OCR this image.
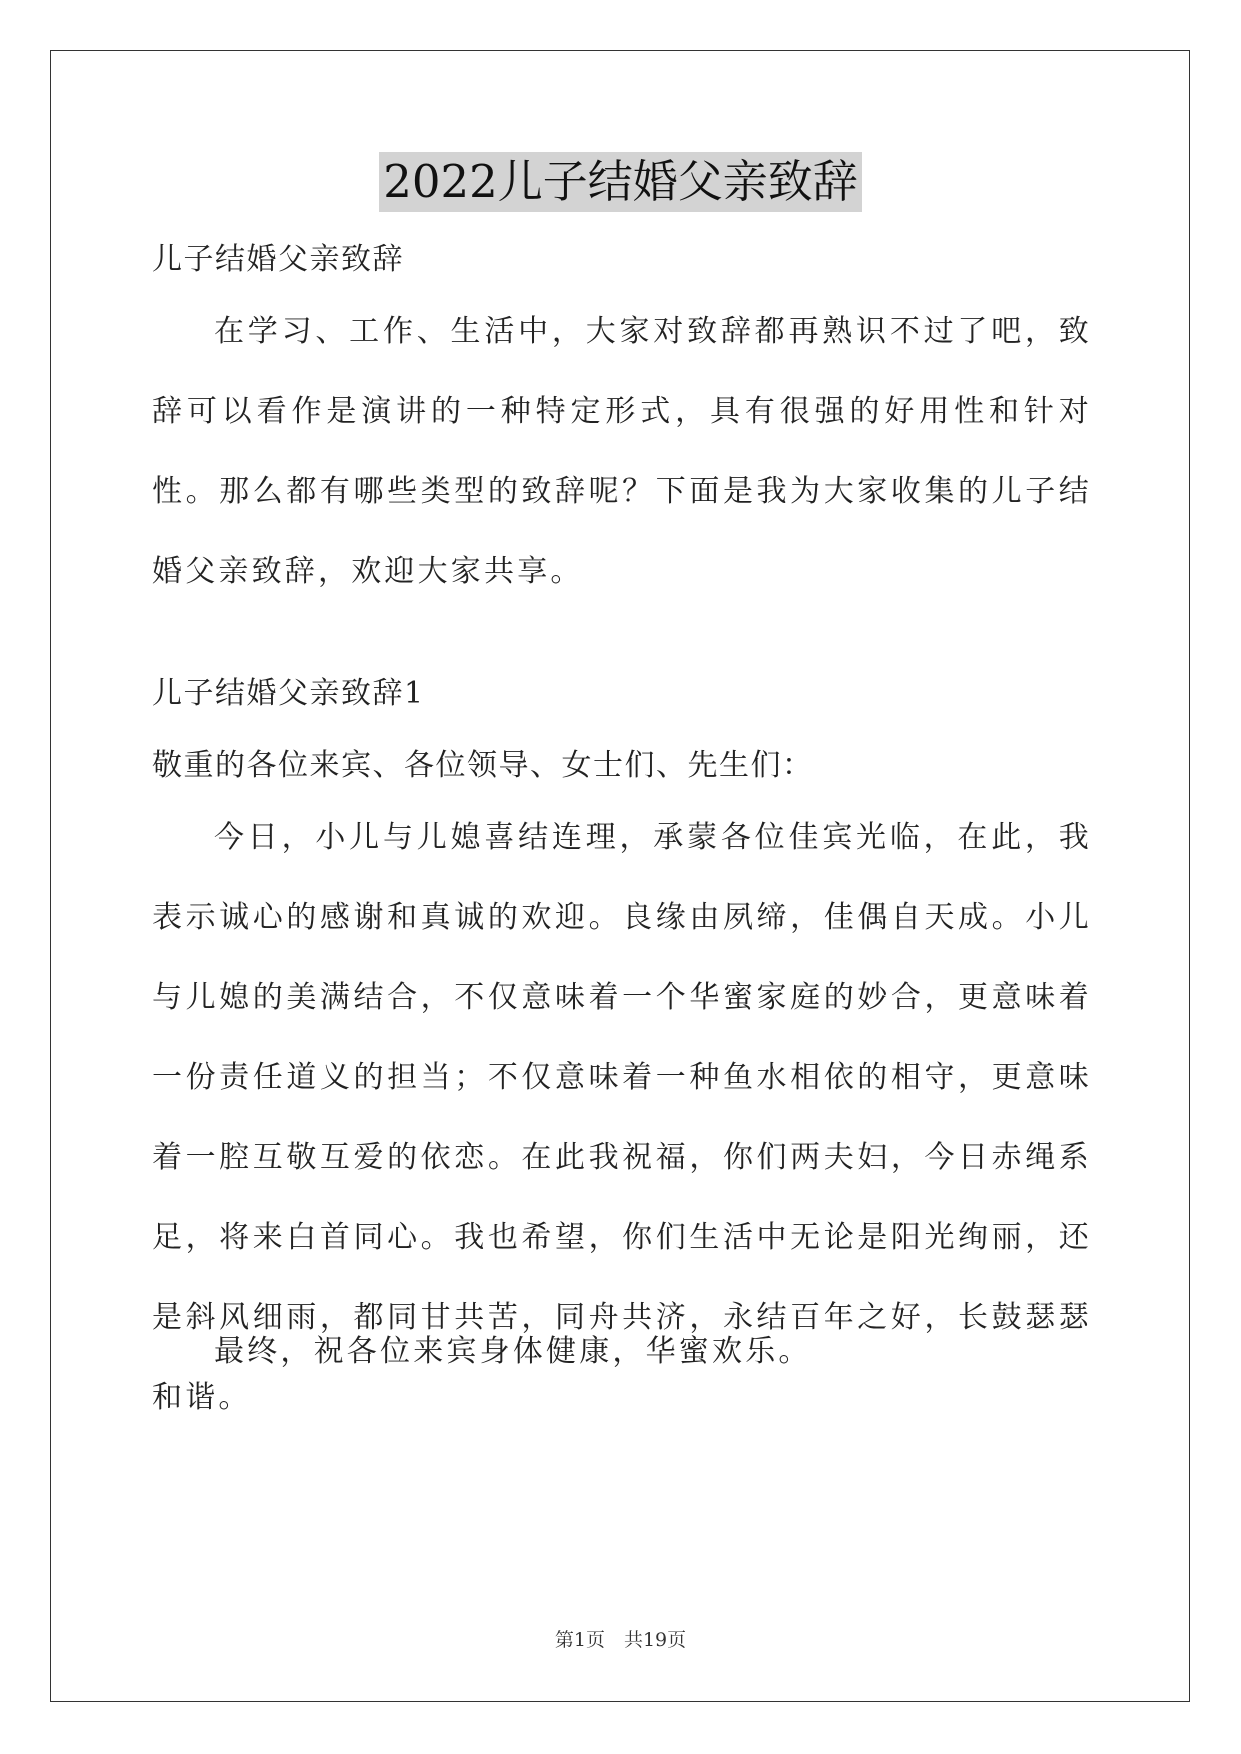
2022儿子结婚父亲致辞
儿子结婚父亲致辞
在学习、工作、生活中，大家对致辞都再熟识不过了吧，致辞可以看作是演讲的一种特定形式，具有很强的好用性和针对性。那么都有哪些类型的致辞呢？下面是我为大家收集的儿子结婚父亲致辞，欢迎大家共享。
儿子结婚父亲致辞1
敬重的各位来宾、各位领导、女士们、先生们：
今日，小儿与儿媳喜结连理，承蒙各位佳宾光临，在此，我表示诚心的感谢和真诚的欢迎。良缘由夙缔，佳偶自天成。小儿与儿媳的美满结合，不仅意味着一个华蜜家庭的妙合，更意味着一份责任道义的担当；不仅意味着一种鱼水相依的相守，更意味着一腔互敬互爱的依恋。在此我祝福，你们两夫妇，今日赤绳系足，将来白首同心。我也希望，你们生活中无论是阳光绚丽，还是斜风细雨，都同甘共苦，同舟共济，永结百年之好，长鼓瑟瑟和谐。
最终，祝各位来宾身体健康，华蜜欢乐。
第1页　共19页
